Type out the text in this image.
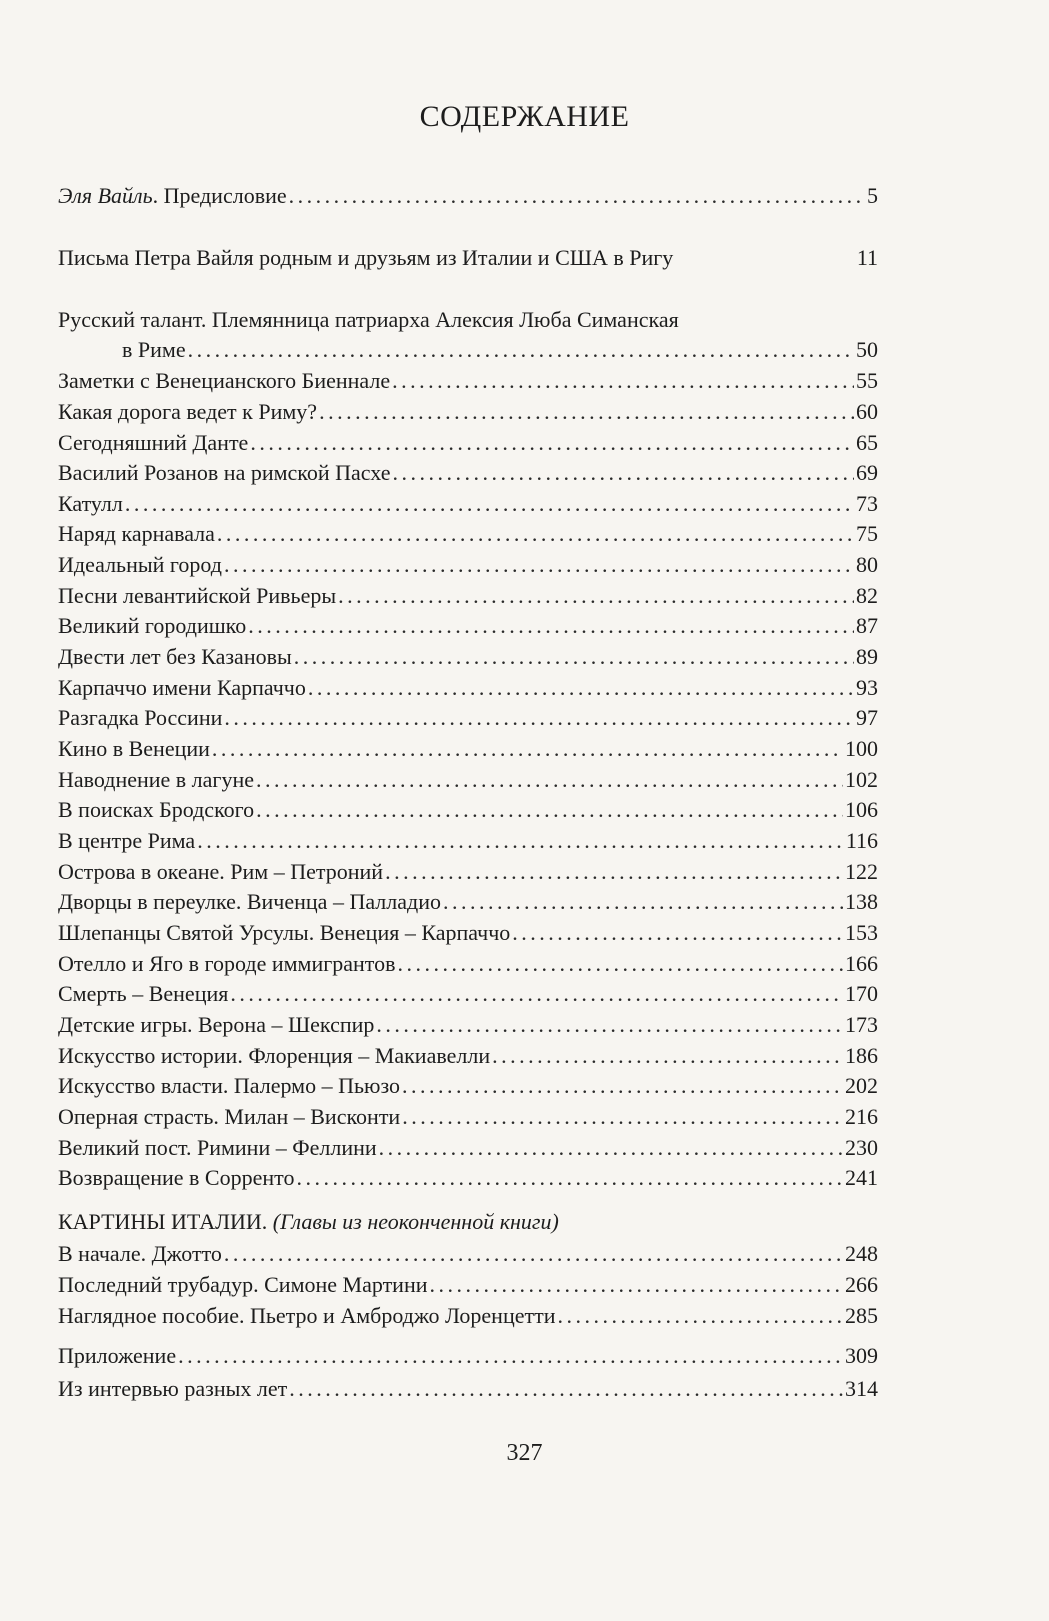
СОДЕРЖАНИЕ
Эля Вайль. Предисловие . . .	5
Письма Петра Вайля родным и друзьям из Италии и США в Ригу	11
Русский талант. Племянница патриарха Алексия Люба Симанская
в Риме . . .	50
Заметки с Венецианского Биеннале . . .	55
Какая дорога ведет к Риму? . . .	60
Сегодняшний Данте . . .	65
Василий Розанов на римской Пасхе . . .	69
Катулл . . .	73
Наряд карнавала . . .	75
Идеальный город . . .	80
Песни левантийской Ривьеры . . .	82
Великий городишко . . .	87
Двести лет без Казановы . . .	89
Карпаччо имени Карпаччо . . .	93
Разгадка Россини . . .	97
Кино в Венеции . . .	100
Наводнение в лагуне . . .	102
В поисках Бродского . . .	106
В центре Рима . . .	116
Острова в океане. Рим – Петроний . . .	122
Дворцы в переулке. Виченца – Палладио . . .	138
Шлепанцы Святой Урсулы. Венеция – Карпаччо . . .	153
Отелло и Яго в городе иммигрантов . . .	166
Смерть – Венеция . . .	170
Детские игры. Верона – Шекспир . . .	173
Искусство истории. Флоренция – Макиавелли . . .	186
Искусство власти. Палермо – Пьюзо . . .	202
Оперная страсть. Милан – Висконти . . .	216
Великий пост. Римини – Феллини . . .	230
Возвращение в Сорренто . . .	241
КАРТИНЫ ИТАЛИИ. (Главы из неоконченной книги)
В начале. Джотто . . .	248
Последний трубадур. Симоне Мартини . . .	266
Наглядное пособие. Пьетро и Амброджо Лоренцетти . . .	285
Приложение . . .	309
Из интервью разных лет . . .	314
327
